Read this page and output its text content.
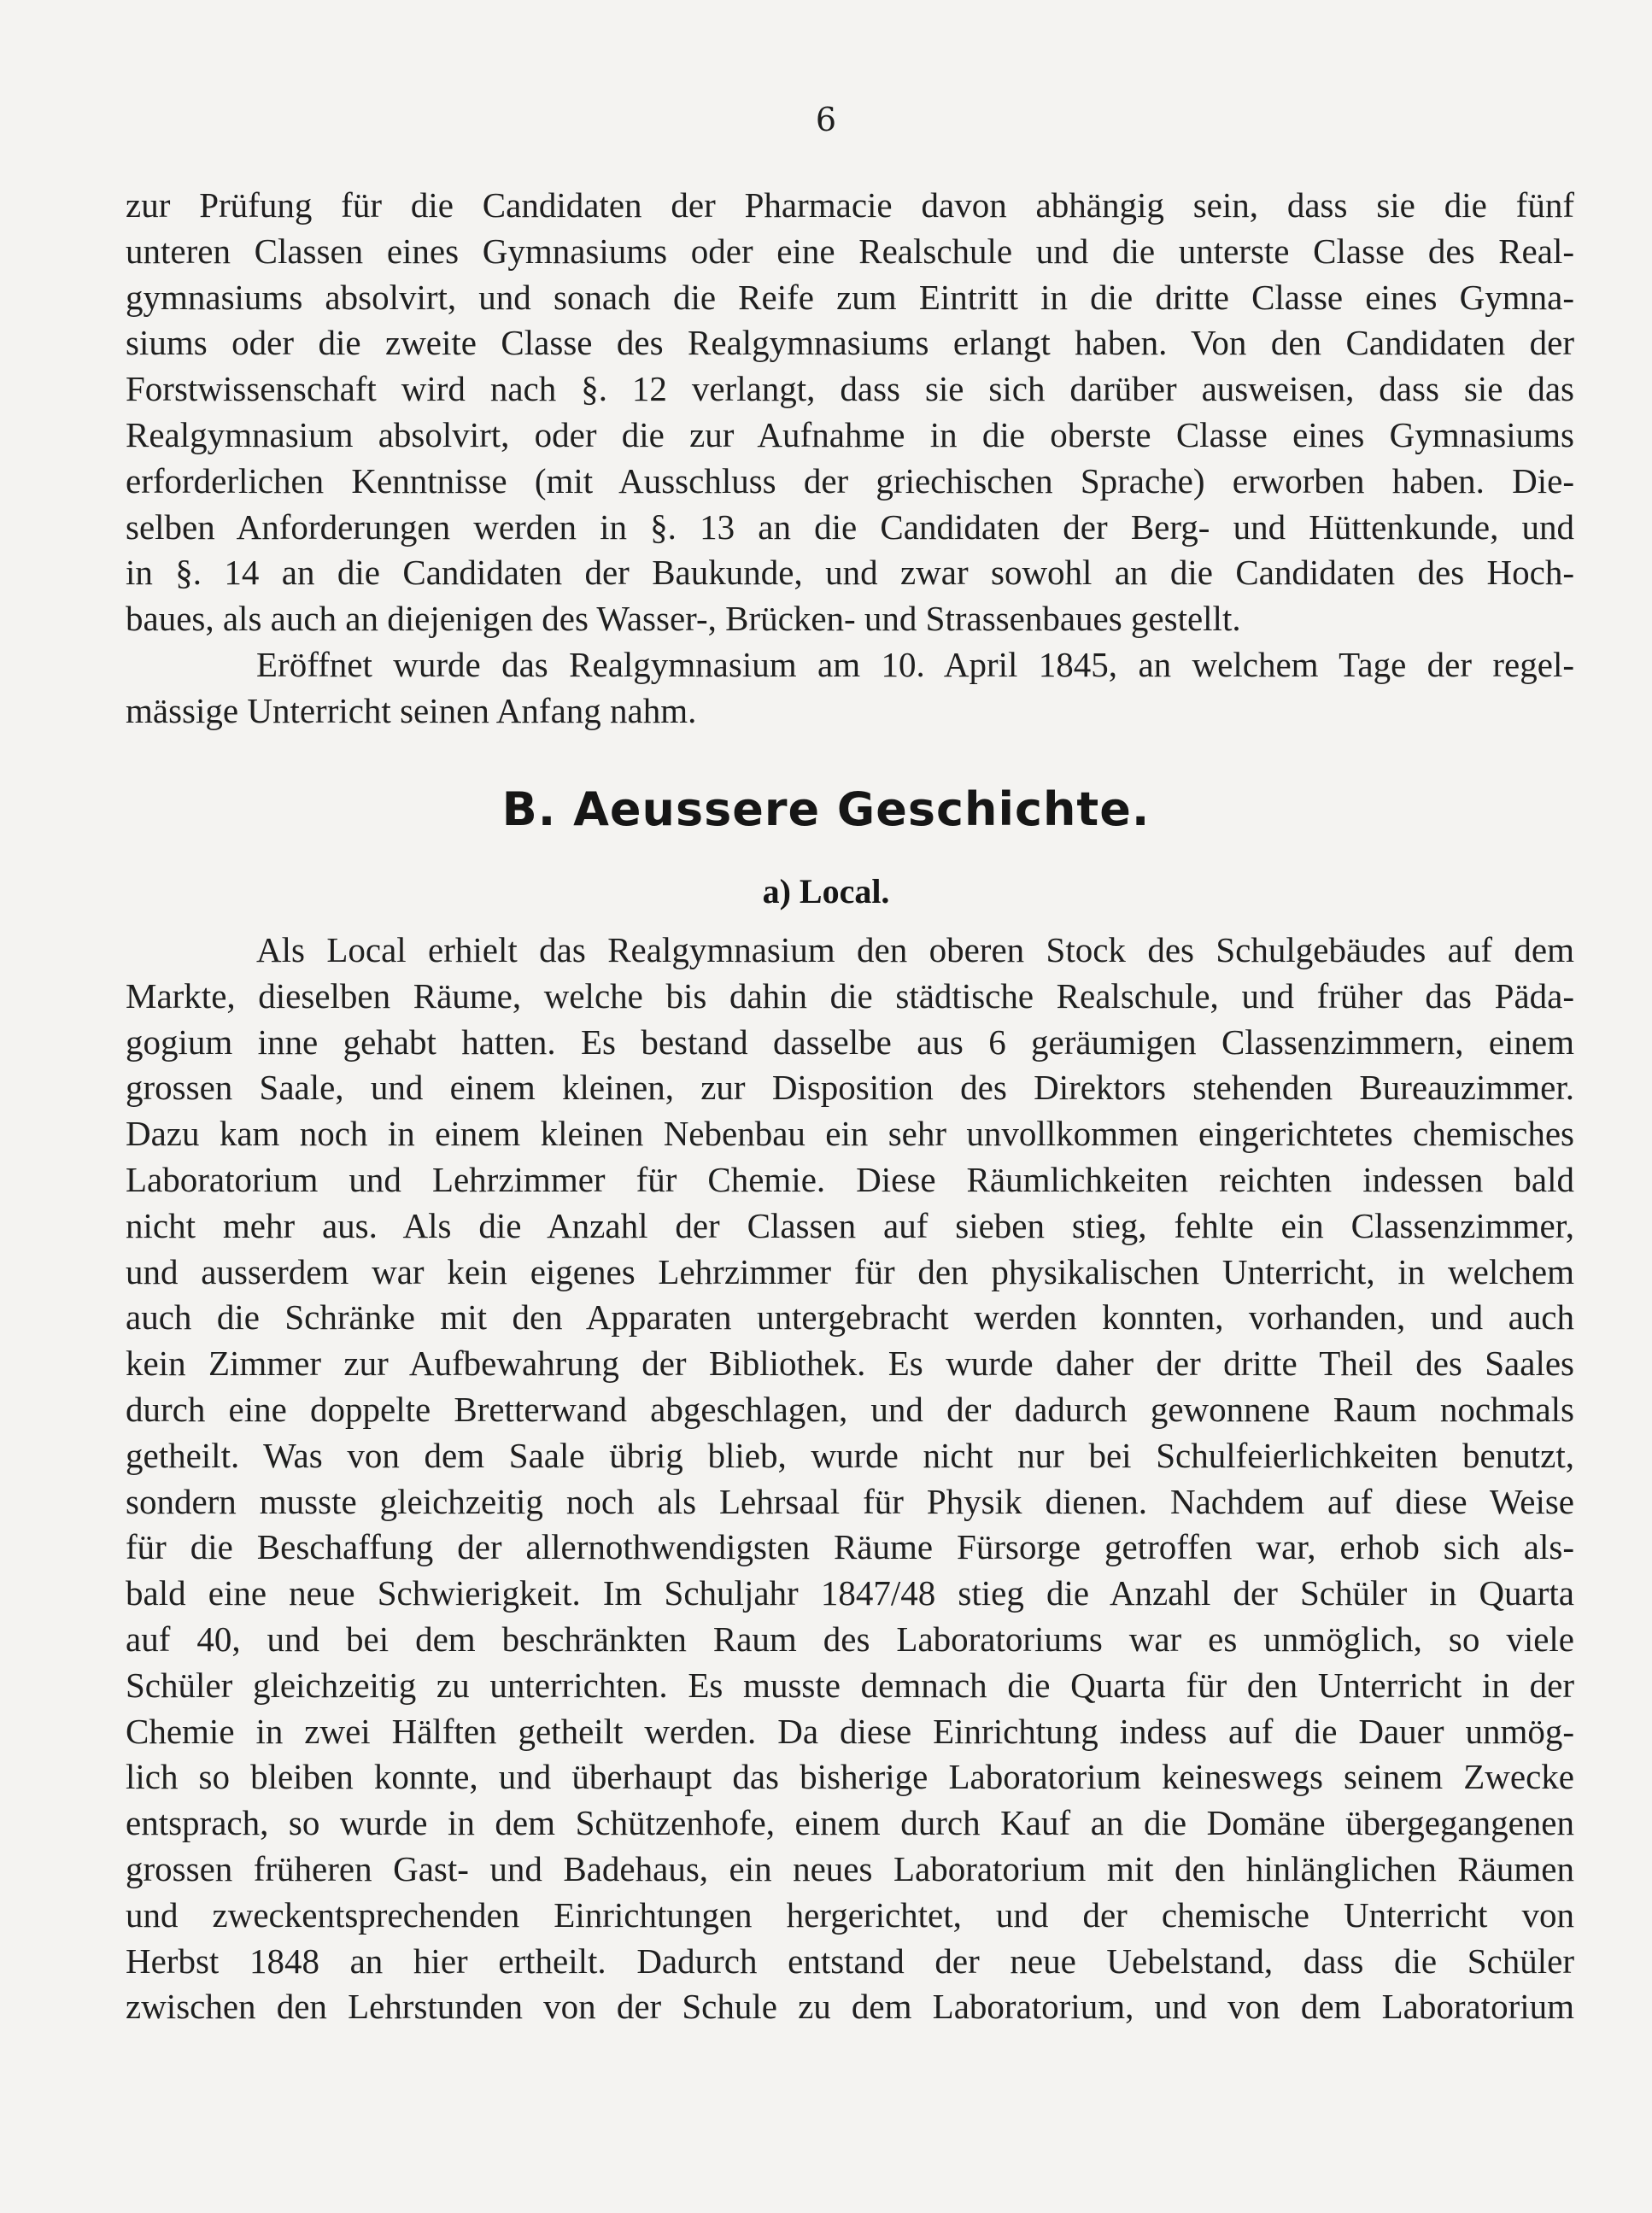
6

zur Prüfung für die Candidaten der Pharmacie davon abhängig sein, dass sie die fünf
unteren Classen eines Gymnasiums oder eine Realschule und die unterste Classe des Real-
gymnasiums absolvirt, und sonach die Reife zum Eintritt in die dritte Classe eines Gymna-
siums oder die zweite Classe des Realgymnasiums erlangt haben. Von den Candidaten der
Forstwissenschaft wird nach §. 12 verlangt, dass sie sich darüber ausweisen, dass sie das
Realgymnasium absolvirt, oder die zur Aufnahme in die oberste Classe eines Gymnasiums
erforderlichen Kenntnisse (mit Ausschluss der griechischen Sprache) erworben haben. Die-
selben Anforderungen werden in §. 13 an die Candidaten der Berg- und Hüttenkunde, und
in §. 14 an die Candidaten der Baukunde, und zwar sowohl an die Candidaten des Hoch-
baues, als auch an diejenigen des Wasser-, Brücken- und Strassenbaues gestellt.

Eröffnet wurde das Realgymnasium am 10. April 1845, an welchem Tage der regel-
mässige Unterricht seinen Anfang nahm.

B. Aeussere Geschichte.
a) Local.

Als Local erhielt das Realgymnasium den oberen Stock des Schulgebäudes auf dem
Markte, dieselben Räume, welche bis dahin die städtische Realschule, und früher das Päda-
gogium inne gehabt hatten. Es bestand dasselbe aus 6 geräumigen Classenzimmern, einem
grossen Saale, und einem kleinen, zur Disposition des Direktors stehenden Bureauzimmer.
Dazu kam noch in einem kleinen Nebenbau ein sehr unvollkommen eingerichtetes chemisches
Laboratorium und Lehrzimmer für Chemie. Diese Räumlichkeiten reichten indessen bald
nicht mehr aus. Als die Anzahl der Classen auf sieben stieg, fehlte ein Classenzimmer,
und ausserdem war kein eigenes Lehrzimmer für den physikalischen Unterricht, in welchem
auch die Schränke mit den Apparaten untergebracht werden konnten, vorhanden, und auch
kein Zimmer zur Aufbewahrung der Bibliothek. Es wurde daher der dritte Theil des Saales
durch eine doppelte Bretterwand abgeschlagen, und der dadurch gewonnene Raum nochmals
getheilt. Was von dem Saale übrig blieb, wurde nicht nur bei Schulfeierlichkeiten benutzt,
sondern musste gleichzeitig noch als Lehrsaal für Physik dienen. Nachdem auf diese Weise
für die Beschaffung der allernothwendigsten Räume Fürsorge getroffen war, erhob sich als-
bald eine neue Schwierigkeit. Im Schuljahr 1847/48 stieg die Anzahl der Schüler in Quarta
auf 40, und bei dem beschränkten Raum des Laboratoriums war es unmöglich, so viele
Schüler gleichzeitig zu unterrichten. Es musste demnach die Quarta für den Unterricht in der
Chemie in zwei Hälften getheilt werden. Da diese Einrichtung indess auf die Dauer unmög-
lich so bleiben konnte, und überhaupt das bisherige Laboratorium keineswegs seinem Zwecke
entsprach, so wurde in dem Schützenhofe, einem durch Kauf an die Domäne übergegangenen
grossen früheren Gast- und Badehaus, ein neues Laboratorium mit den hinlänglichen Räumen
und zweckentsprechenden Einrichtungen hergerichtet, und der chemische Unterricht von
Herbst 1848 an hier ertheilt. Dadurch entstand der neue Uebelstand, dass die Schüler
zwischen den Lehrstunden von der Schule zu dem Laboratorium, und von dem Laboratorium
